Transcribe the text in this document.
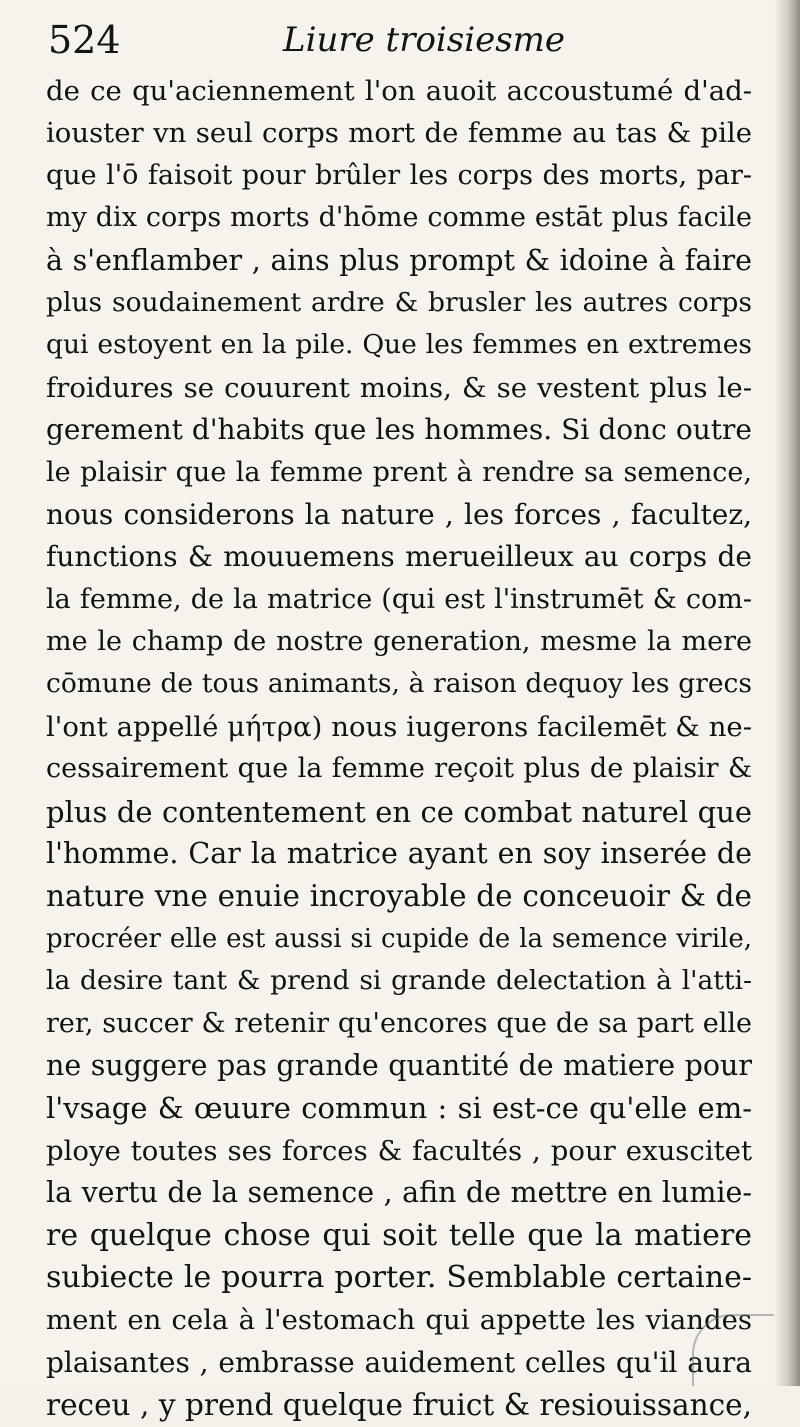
524	Liure troisiesme
de ce qu'aciennement l'on auoit accoustumé d'ad-
iouster vn seul corps mort de femme au tas & pile
que l'ō faisoit pour brûler les corps des morts, par-
my dix corps morts d'hōme comme estāt plus facile
à s'enflamber , ains plus prompt & idoine à faire
plus soudainement ardre & brusler les autres corps
qui estoyent en la pile. Que les femmes en extremes
froidures se couurent moins, & se vestent plus le-
gerement d'habits que les hommes. Si donc outre
le plaisir que la femme prent à rendre sa semence,
nous considerons la nature , les forces , facultez,
functions & mouuemens merueilleux au corps de
la femme, de la matrice (qui est l'instrumēt & com-
me le champ de nostre generation, mesme la mere
cōmune de tous animants, à raison dequoy les grecs
l'ont appellé μήτρα) nous iugerons facilemēt & ne-
cessairement que la femme reçoit plus de plaisir &
plus de contentement en ce combat naturel que
l'homme. Car la matrice ayant en soy inserée de
nature vne enuie incroyable de conceuoir & de
procréer elle est aussi si cupide de la semence virile,
la desire tant & prend si grande delectation à l'atti-
rer, succer & retenir qu'encores que de sa part elle
ne suggere pas grande quantité de matiere pour
l'vsage & œuure commun : si est-ce qu'elle em-
ploye toutes ses forces & facultés , pour exuscitet
la vertu de la semence , afin de mettre en lumie-
re quelque chose qui soit telle que la matiere
subiecte le pourra porter. Semblable certaine-
ment en cela à l'estomach qui appette les viandes
plaisantes , embrasse auidement celles qu'il aura
receu , y prend quelque fruict & resiouissance,
